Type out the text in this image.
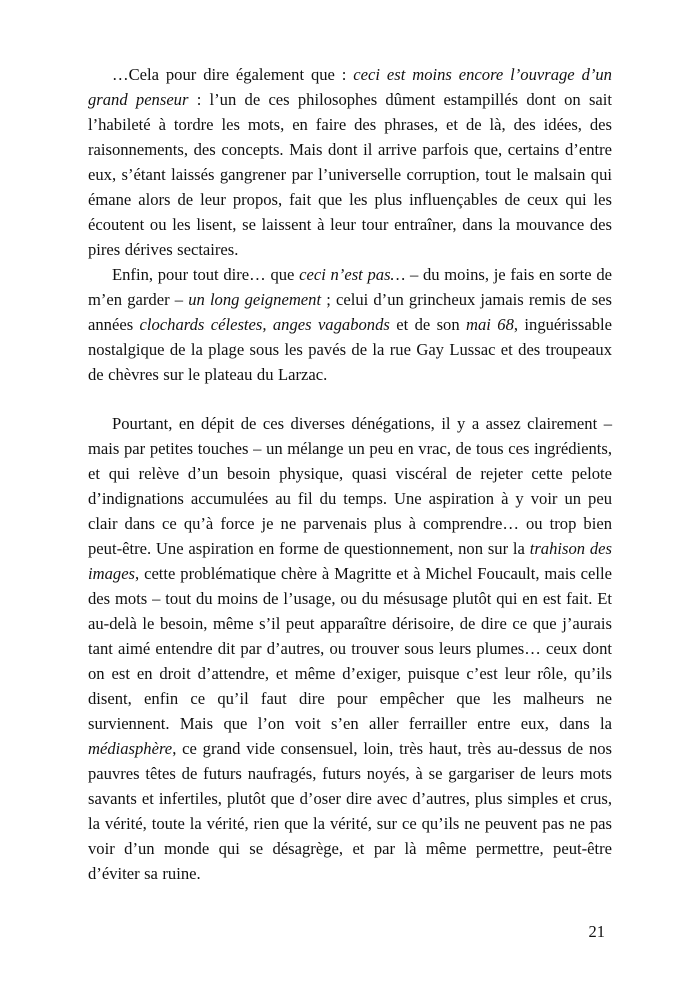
…Cela pour dire également que : ceci est moins encore l’ouvrage d’un grand penseur : l’un de ces philosophes dûment estampillés dont on sait l’habileté à tordre les mots, en faire des phrases, et de là, des idées, des raisonnements, des concepts. Mais dont il arrive parfois que, certains d’entre eux, s’étant laissés gangrener par l’universelle corruption, tout le malsain qui émane alors de leur propos, fait que les plus influençables de ceux qui les écoutent ou les lisent, se laissent à leur tour entraîner, dans la mouvance des pires dérives sectaires.

Enfin, pour tout dire… que ceci n’est pas… – du moins, je fais en sorte de m’en garder – un long geignement ; celui d’un grincheux jamais remis de ses années clochards célestes, anges vagabonds et de son mai 68, inguérissable nostalgique de la plage sous les pavés de la rue Gay Lussac et des troupeaux de chèvres sur le plateau du Larzac.

Pourtant, en dépit de ces diverses dénégations, il y a assez clairement – mais par petites touches – un mélange un peu en vrac, de tous ces ingrédients, et qui relève d’un besoin physique, quasi viscéral de rejeter cette pelote d’indignations accumulées au fil du temps. Une aspiration à y voir un peu clair dans ce qu’à force je ne parvenais plus à comprendre… ou trop bien peut-être. Une aspiration en forme de questionnement, non sur la trahison des images, cette problématique chère à Magritte et à Michel Foucault, mais celle des mots – tout du moins de l’usage, ou du mésusage plutôt qui en est fait. Et au-delà le besoin, même s’il peut apparaître dérisoire, de dire ce que j’aurais tant aimé entendre dit par d’autres, ou trouver sous leurs plumes… ceux dont on est en droit d’attendre, et même d’exiger, puisque c’est leur rôle, qu’ils disent, enfin ce qu’il faut dire pour empêcher que les malheurs ne surviennent. Mais que l’on voit s’en aller ferrailler entre eux, dans la médiasphère, ce grand vide consensuel, loin, très haut, très au-dessus de nos pauvres têtes de futurs naufragés, futurs noyés, à se gargariser de leurs mots savants et infertiles, plutôt que d’oser dire avec d’autres, plus simples et crus, la vérité, toute la vérité, rien que la vérité, sur ce qu’ils ne peuvent pas ne pas voir d’un monde qui se désagrège, et par là même permettre, peut-être d’éviter sa ruine.

21
